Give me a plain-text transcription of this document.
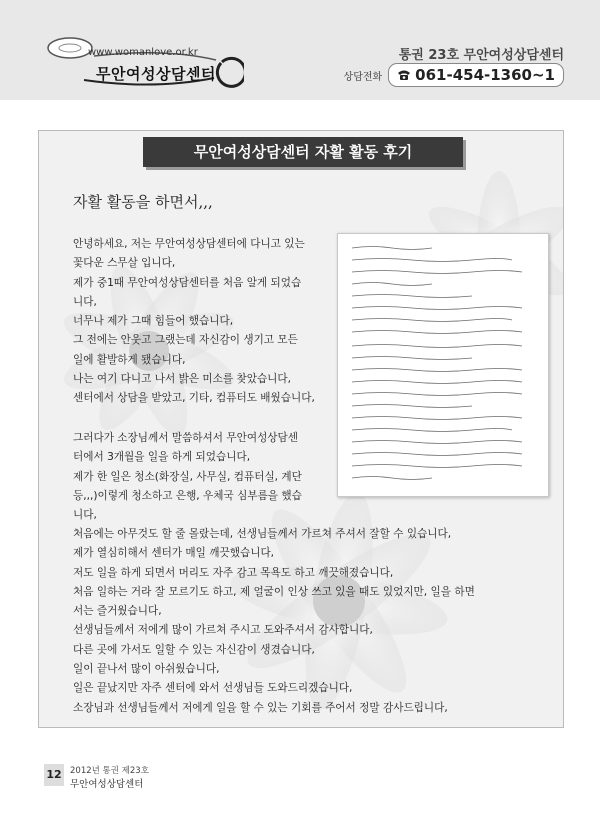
www.womanlove.or.kr
무안여성상담센터
통권 23호 무안여성상담센터
상담전화 061-454-1360~1
무안여성상담센터 자활 활동 후기
자활 활동을 하면서,,,
안녕하세요, 저는 무안여성상담센터에 다니고 있는
꽃다운 스무살 입니다,
제가 중1때 무안여성상담센터를 처음 알게 되었습
니다,
너무나 제가 그때 힘들어 했습니다,
그 전에는 안웃고 그랬는데 자신감이 생기고 모든
일에 활발하게 됐습니다,
나는 여기 다니고 나서 밝은 미소를 찾았습니다,
센터에서 상담을 받았고, 기타, 컴퓨터도 배웠습니다,
그러다가 소장님께서 말씀하셔서 무안여성상담센
터에서 3개월을 일을 하게 되었습니다,
제가 한 일은 청소(화장실, 사무실, 컴퓨터실, 계단
등,,,)이렇게 청소하고 은행, 우체국 심부름을 했습
니다,
처음에는 아무것도 할 줄 몰랐는데, 선생님들께서 가르쳐 주셔서 잘할 수 있습니다,
제가 열심히해서 센터가 매일 깨끗했습니다,
저도 일을 하게 되면서 머리도 자주 감고 목욕도 하고 깨끗해졌습니다,
처음 일하는 거라 잘 모르기도 하고, 제 얼굴이 인상 쓰고 있을 때도 있었지만, 일을 하면
서는 즐거웠습니다,
선생님들께서 저에게 많이 가르쳐 주시고 도와주셔서 감사합니다,
다른 곳에 가서도 일할 수 있는 자신감이 생겼습니다,
일이 끝나서 많이 아쉬웠습니다,
일은 끝났지만 자주 센터에 와서 선생님들 도와드리겠습니다,
소장님과 선생님들께서 저에게 일을 할 수 있는 기회를 주어서 정말 감사드립니다,
12 2012년 통권 제23호
무안여성상담센터
